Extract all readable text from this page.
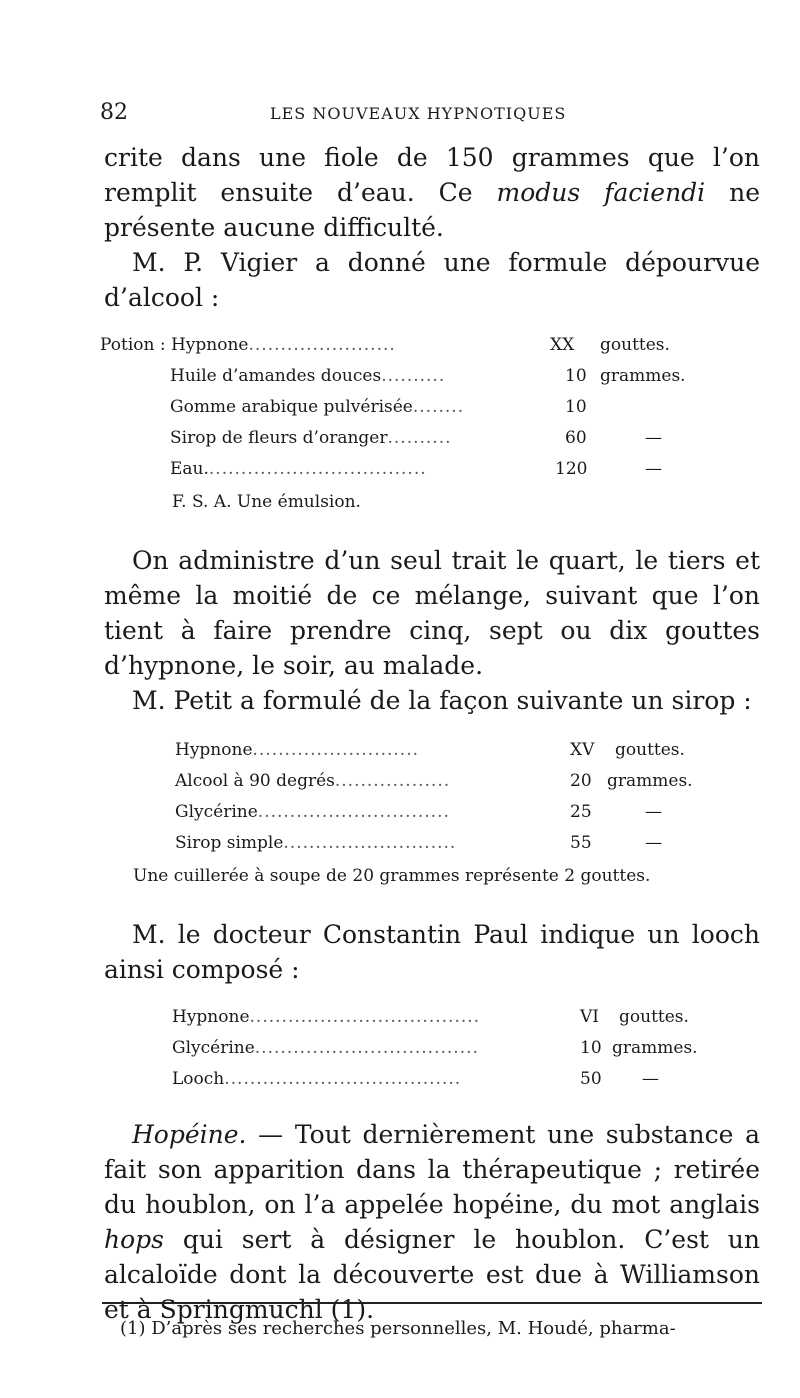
82	LES NOUVEAUX HYPNOTIQUES

crite dans une fiole de 150 grammes que l’on remplit ensuite d’eau. Ce modus faciendi ne présente aucune difficulté.

M. P. Vigier a donné une formule dépourvue d’alcool :

Potion : Hypnone.......................	XX gouttes.
Huile d’amandes douces..........	10 grammes.
Gomme arabique pulvérisée........	10
Sirop de fleurs d’oranger..........	60	—
Eau...................................	120	—
F. S. A. Une émulsion.

On administre d’un seul trait le quart, le tiers et même la moitié de ce mélange, suivant que l’on tient à faire prendre cinq, sept ou dix gouttes d’hypnone, le soir, au malade.

M. Petit a formulé de la façon suivante un sirop :

Hypnone..........................	XV gouttes.
Alcool à 90 degrés..................	20 grammes.
Glycérine..............................	25	—
Sirop simple...........................	55	—
Une cuillerée à soupe de 20 grammes représente 2 gouttes.

M. le docteur Constantin Paul indique un looch ainsi composé :

Hypnone....................................	VI gouttes.
Glycérine...................................	10 grammes.
Looch.....................................	50 —

Hopéine. — Tout dernièrement une substance a fait son apparition dans la thérapeutique ; retirée du houblon, on l’a appelée hopéine, du mot anglais hops qui sert à désigner le houblon. C’est un alcaloïde dont la découverte est due à Williamson et à Springmuchl (1).

(1) D’après ses recherches personnelles, M. Houdé, pharma-
